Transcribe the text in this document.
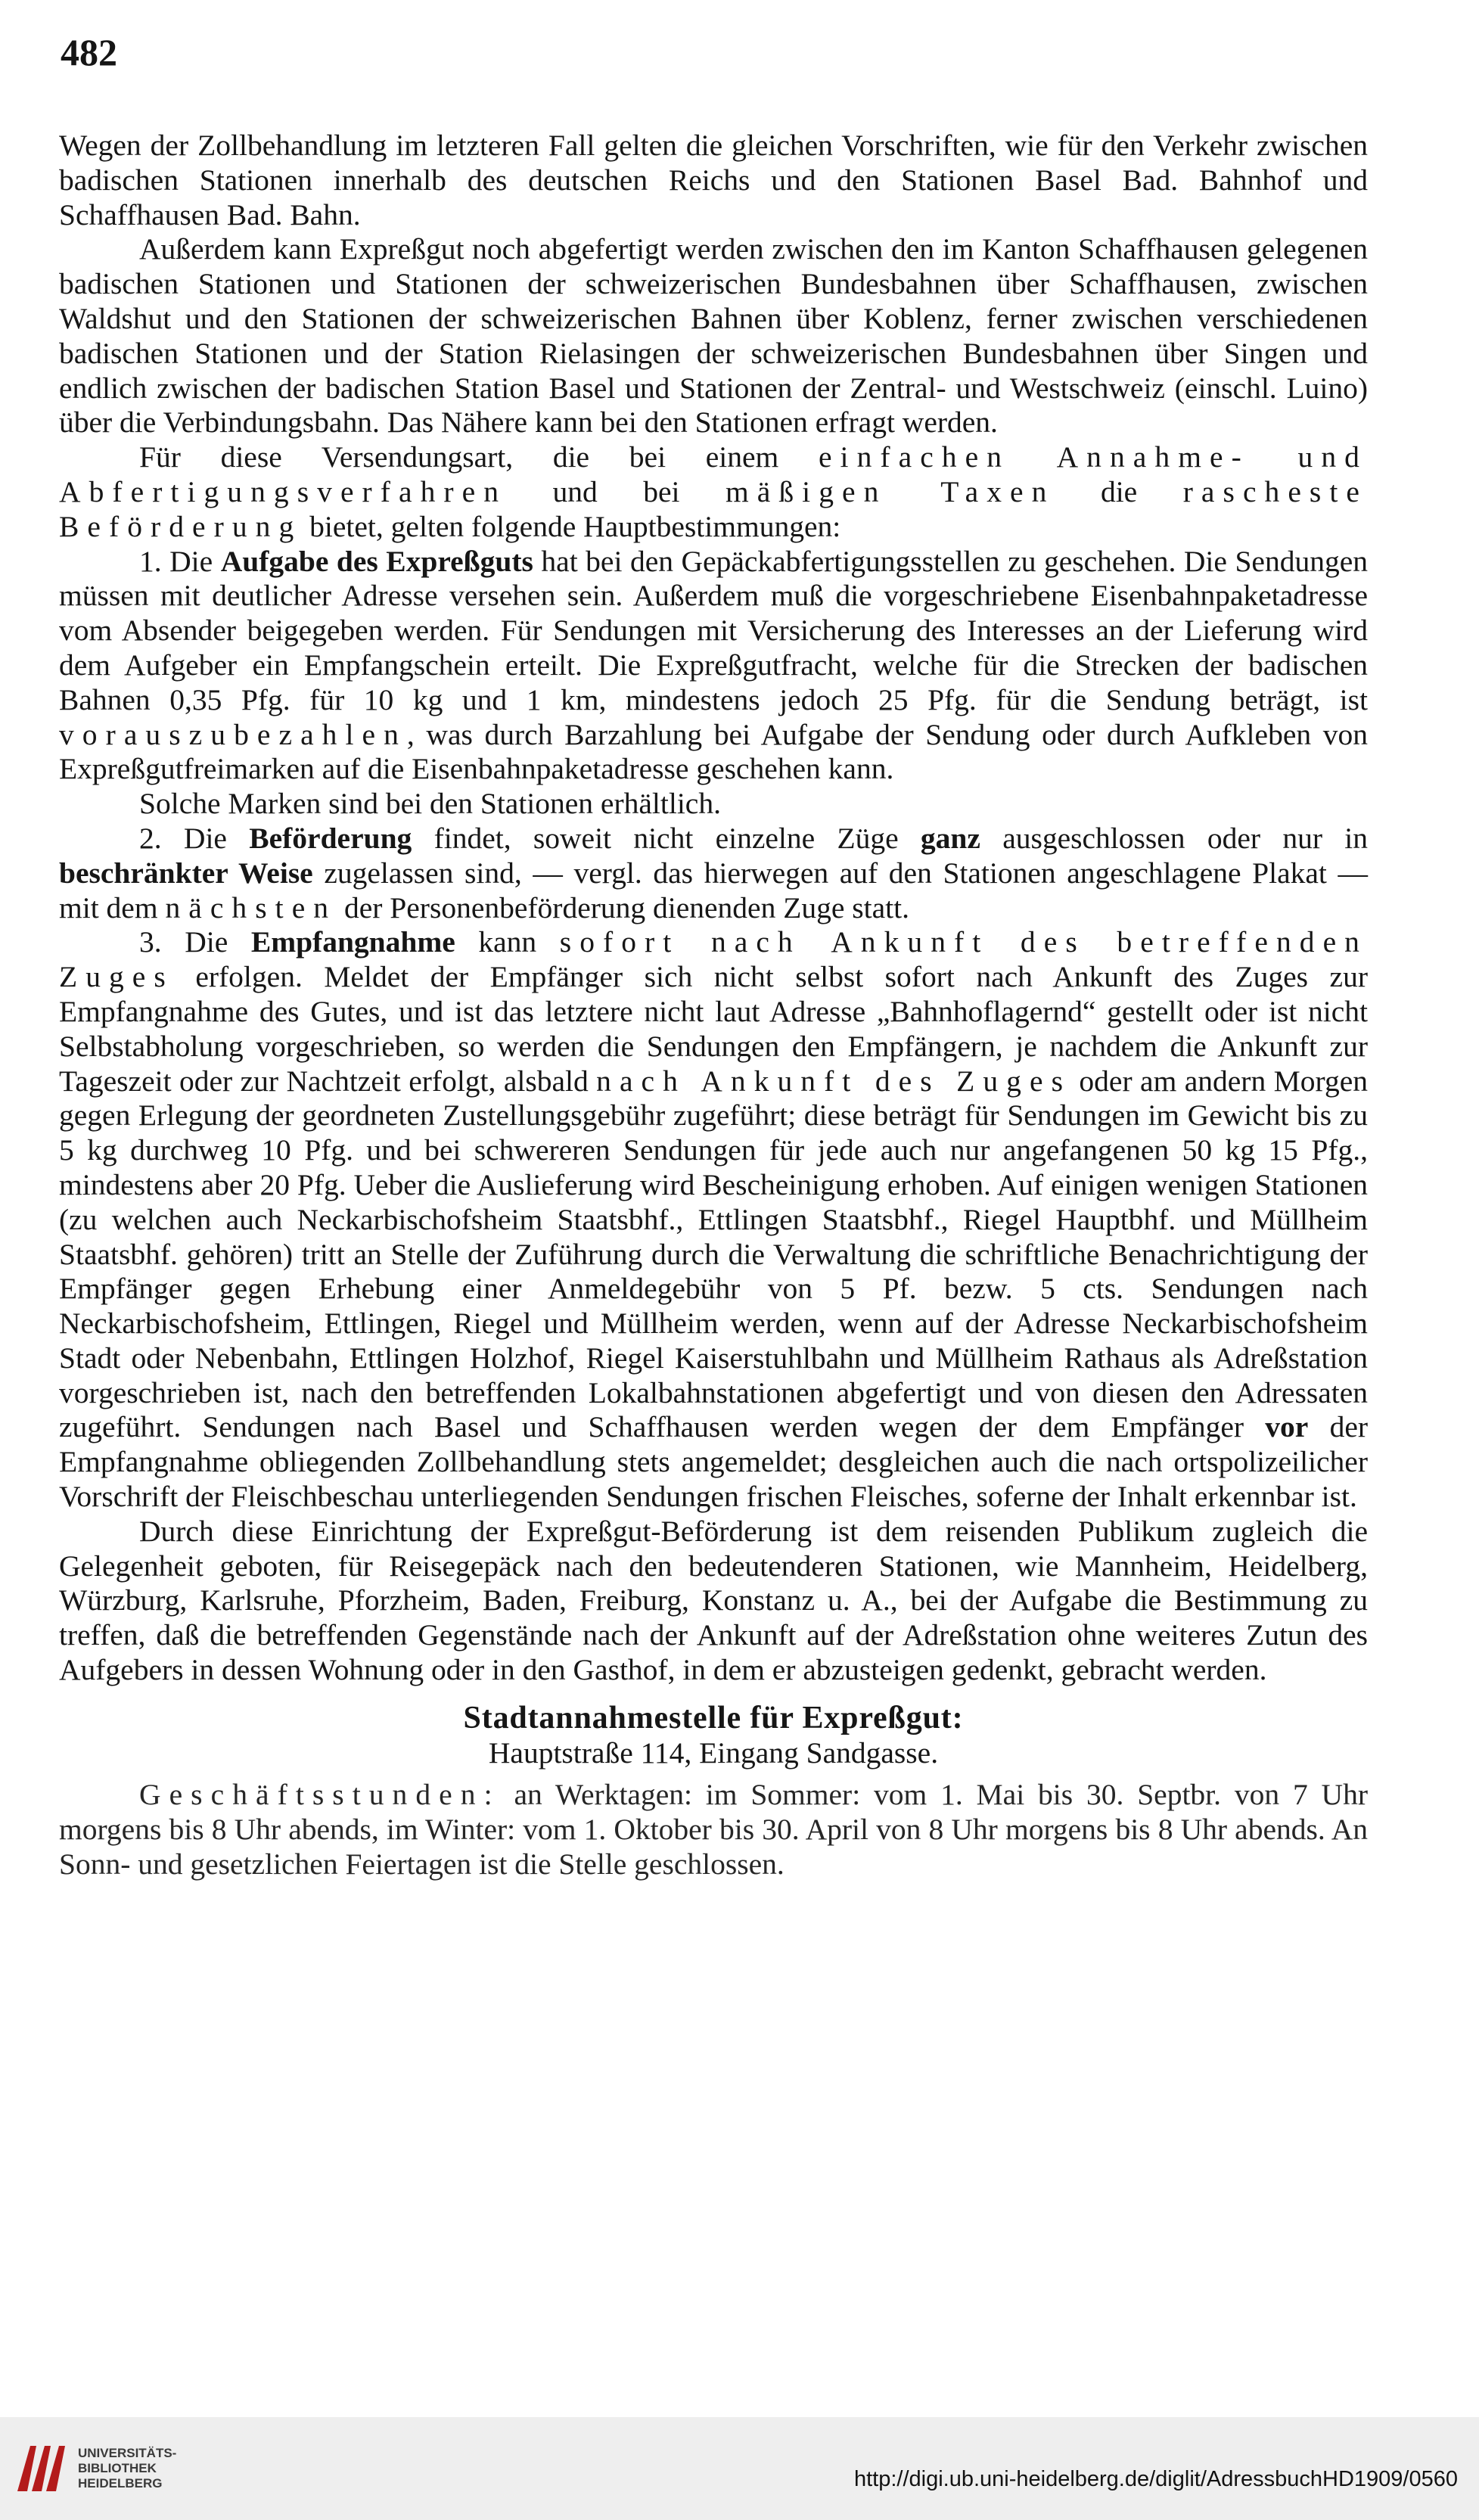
482

Wegen der Zollbehandlung im letzteren Fall gelten die gleichen Vorschriften, wie für den Verkehr zwischen badischen Stationen innerhalb des deutschen Reichs und den Stationen Basel Bad. Bahnhof und Schaffhausen Bad. Bahn.

Außerdem kann Expreßgut noch abgefertigt werden zwischen den im Kanton Schaffhausen gelegenen badischen Stationen und Stationen der schweizerischen Bundesbahnen über Schaffhausen, zwischen Waldshut und den Stationen der schweizerischen Bahnen über Koblenz, ferner zwischen verschiedenen badischen Stationen und der Station Rielasingen der schweizerischen Bundesbahnen über Singen und endlich zwischen der badischen Station Basel und Stationen der Zentral- und Westschweiz (einschl. Luino) über die Verbindungsbahn. Das Nähere kann bei den Stationen erfragt werden.

Für diese Versendungsart, die bei einem einfachen Annahme- und Abfertigungsverfahren und bei mäßigen Taxen die rascheste Beförderung bietet, gelten folgende Hauptbestimmungen:

1. Die Aufgabe des Expreßguts hat bei den Gepäckabfertigungsstellen zu geschehen. Die Sendungen müssen mit deutlicher Adresse versehen sein. Außerdem muß die vorgeschriebene Eisenbahnpaketadresse vom Absender beigegeben werden. Für Sendungen mit Versicherung des Interesses an der Lieferung wird dem Aufgeber ein Empfangschein erteilt. Die Expreßgutfracht, welche für die Strecken der badischen Bahnen 0,35 Pfg. für 10 kg und 1 km, mindestens jedoch 25 Pfg. für die Sendung beträgt, ist vorauszubezahlen, was durch Barzahlung bei Aufgabe der Sendung oder durch Aufkleben von Expreßgutfreimarken auf die Eisenbahnpaketadresse geschehen kann.

Solche Marken sind bei den Stationen erhältlich.

2. Die Beförderung findet, soweit nicht einzelne Züge ganz ausgeschlossen oder nur in beschränkter Weise zugelassen sind, — vergl. das hierwegen auf den Stationen angeschlagene Plakat — mit dem nächsten der Personenbeförderung dienenden Zuge statt.

3. Die Empfangnahme kann sofort nach Ankunft des betreffenden Zuges erfolgen. Meldet der Empfänger sich nicht selbst sofort nach Ankunft des Zuges zur Empfangnahme des Gutes, und ist das letztere nicht laut Adresse „Bahnhoflagernd“ gestellt oder ist nicht Selbstabholung vorgeschrieben, so werden die Sendungen den Empfängern, je nachdem die Ankunft zur Tageszeit oder zur Nachtzeit erfolgt, alsbald nach Ankunft des Zuges oder am andern Morgen gegen Erlegung der geordneten Zustellungsgebühr zugeführt; diese beträgt für Sendungen im Gewicht bis zu 5 kg durchweg 10 Pfg. und bei schwereren Sendungen für jede auch nur angefangenen 50 kg 15 Pfg., mindestens aber 20 Pfg. Ueber die Auslieferung wird Bescheinigung erhoben. Auf einigen wenigen Stationen (zu welchen auch Neckarbischofsheim Staatsbhf., Ettlingen Staatsbhf., Riegel Hauptbhf. und Müllheim Staatsbhf. gehören) tritt an Stelle der Zuführung durch die Verwaltung die schriftliche Benachrichtigung der Empfänger gegen Erhebung einer Anmeldegebühr von 5 Pf. bezw. 5 cts. Sendungen nach Neckarbischofsheim, Ettlingen, Riegel und Müllheim werden, wenn auf der Adresse Neckarbischofsheim Stadt oder Nebenbahn, Ettlingen Holzhof, Riegel Kaiserstuhlbahn und Müllheim Rathaus als Adreßstation vorgeschrieben ist, nach den betreffenden Lokalbahnstationen abgefertigt und von diesen den Adressaten zugeführt. Sendungen nach Basel und Schaffhausen werden wegen der dem Empfänger vor der Empfangnahme obliegenden Zollbehandlung stets angemeldet; desgleichen auch die nach ortspolizeilicher Vorschrift der Fleischbeschau unterliegenden Sendungen frischen Fleisches, soferne der Inhalt erkennbar ist.

Durch diese Einrichtung der Expreßgut-Beförderung ist dem reisenden Publikum zugleich die Gelegenheit geboten, für Reisegepäck nach den bedeutenderen Stationen, wie Mannheim, Heidelberg, Würzburg, Karlsruhe, Pforzheim, Baden, Freiburg, Konstanz u. A., bei der Aufgabe die Bestimmung zu treffen, daß die betreffenden Gegenstände nach der Ankunft auf der Adreßstation ohne weiteres Zutun des Aufgebers in dessen Wohnung oder in den Gasthof, in dem er abzusteigen gedenkt, gebracht werden.

Stadtannahmestelle für Expreßgut:

Hauptstraße 114, Eingang Sandgasse.

Geschäftsstunden: an Werktagen: im Sommer: vom 1. Mai bis 30. Septbr. von 7 Uhr morgens bis 8 Uhr abends, im Winter: vom 1. Oktober bis 30. April von 8 Uhr morgens bis 8 Uhr abends. An Sonn- und gesetzlichen Feiertagen ist die Stelle geschlossen.

UNIVERSITÄTS-
BIBLIOTHEK
HEIDELBERG	http://digi.ub.uni-heidelberg.de/diglit/AdressbuchHD1909/0560
